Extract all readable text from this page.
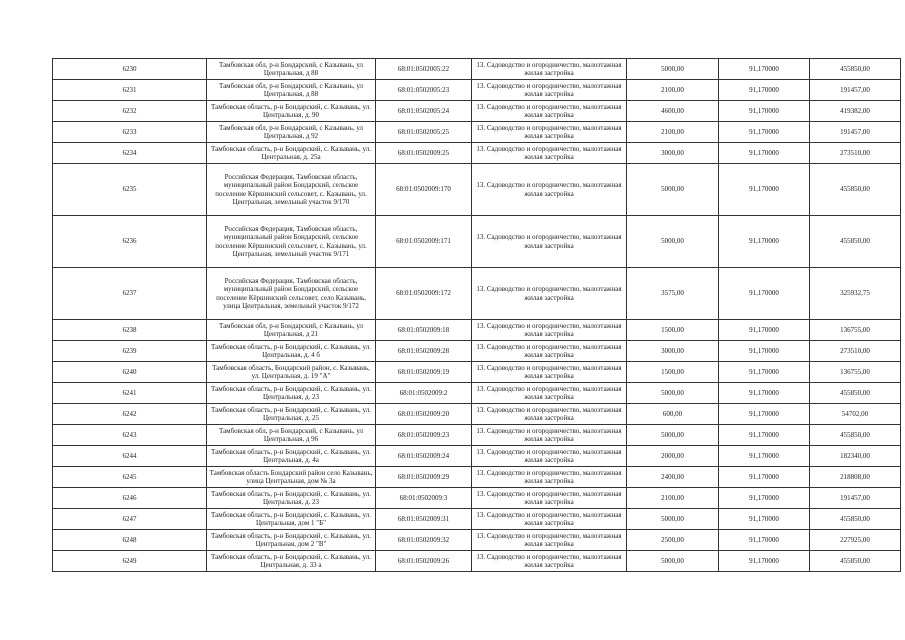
6230	Тамбовская обл, р-н Бондарский, с Казывань, ул Центральная, д 88	68:01:0502005:22	13. Садоводство и огородничество, малоэтажная жилая застройка	5000,00	91,170000	455850,00
6231	Тамбовская обл, р-н Бондарский, с Казывань, ул Центральная, д 88	68:01:0502005:23	13. Садоводство и огородничество, малоэтажная жилая застройка	2100,00	91,170000	191457,00
6232	Тамбовская область, р-н Бондарский, с. Казывань, ул. Центральная, д. 90	68:01:0502005:24	13. Садоводство и огородничество, малоэтажная жилая застройка	4600,00	91,170000	419382,00
6233	Тамбовская обл, р-н Бондарский, с Казывань, ул Центральная, д 92	68:01:0502005:25	13. Садоводство и огородничество, малоэтажная жилая застройка	2100,00	91,170000	191457,00
6234	Тамбовская область, р-н Бондарский, с. Казывань, ул. Центральная, д. 25а	68:01:0502009:25	13. Садоводство и огородничество, малоэтажная жилая застройка	3000,00	91,170000	273510,00
6235	Российская Федерация, Тамбовская область, муниципальный район Бондарский, сельское поселение Кёршинский сельсовет, с. Казывань, ул. Центральная, земельный участок 9/170	68:01:0502009:170	13. Садоводство и огородничество, малоэтажная жилая застройка	5000,00	91,170000	455850,00
6236	Российская Федерация, Тамбовская область, муниципальный район Бондарский, сельское поселение Кёршинский сельсовет, с. Казывань, ул. Центральная, земельный участок 9/171	68:01:0502009:171	13. Садоводство и огородничество, малоэтажная жилая застройка	5000,00	91,170000	455850,00
6237	Российская Федерация, Тамбовская область, муниципальный район Бондарский, сельское поселение Кёршинский сельсовет, село Казывань, улица Центральная, земельный участок 9/172	68:01:0502009:172	13. Садоводство и огородничество, малоэтажная жилая застройка	3575,00	91,170000	325932,75
6238	Тамбовская обл, р-н Бондарский, с Казывань, ул Центральная, д 21	68:01:0502009:18	13. Садоводство и огородничество, малоэтажная жилая застройка	1500,00	91,170000	136755,00
6239	Тамбовская область, р-н Бондарский, с. Казывань, ул. Центральная, д. 4 б	68:01:0502009:28	13. Садоводство и огородничество, малоэтажная жилая застройка	3000,00	91,170000	273510,00
6240	Тамбовская область, Бондарский район, с. Казывань, ул. Центральная, д. 19 "А"	68:01:0502009:19	13. Садоводство и огородничество, малоэтажная жилая застройка	1500,00	91,170000	136755,00
6241	Тамбовская область, р-н Бондарский, с. Казывань, ул. Центральная, д. 23	68:01:0502009:2	13. Садоводство и огородничество, малоэтажная жилая застройка	5000,00	91,170000	455850,00
6242	Тамбовская область, р-н Бондарский, с. Казывань, ул. Центральная, д. 25	68:01:0502009:20	13. Садоводство и огородничество, малоэтажная жилая застройка	600,00	91,170000	54702,00
6243	Тамбовская обл, р-н Бондарский, с Казывань, ул Центральная, д 96	68:01:0502009:23	13. Садоводство и огородничество, малоэтажная жилая застройка	5000,00	91,170000	455850,00
6244	Тамбовская область, р-н Бондарский, с. Казывань, ул. Центральная, д. 4а	68:01:0502009:24	13. Садоводство и огородничество, малоэтажная жилая застройка	2000,00	91,170000	182340,00
6245	Тамбовская область Бондарский район село Казывань, улица Центральная, дом № 3а	68:01:0502009:29	13. Садоводство и огородничество, малоэтажная жилая застройка	2400,00	91,170000	218808,00
6246	Тамбовская область, р-н Бондарский, с. Казывань, ул. Центральная, д. 23	68:01:0502009:3	13. Садоводство и огородничество, малоэтажная жилая застройка	2100,00	91,170000	191457,00
6247	Тамбовская область, р-н Бондарский, с. Казывань, ул. Центральная, дом 1 "Б"	68:01:0502009:31	13. Садоводство и огородничество, малоэтажная жилая застройка	5000,00	91,170000	455850,00
6248	Тамбовская область, р-н Бондарский, с. Казывань, ул. Центральная, дом 2 "В"	68:01:0502009:32	13. Садоводство и огородничество, малоэтажная жилая застройка	2500,00	91,170000	227925,00
6249	Тамбовская область, р-н Бондарский, с. Казывань, ул. Центральная, д. 33 а	68:01:0502009:26	13. Садоводство и огородничество, малоэтажная жилая застройка	5000,00	91,170000	455850,00
